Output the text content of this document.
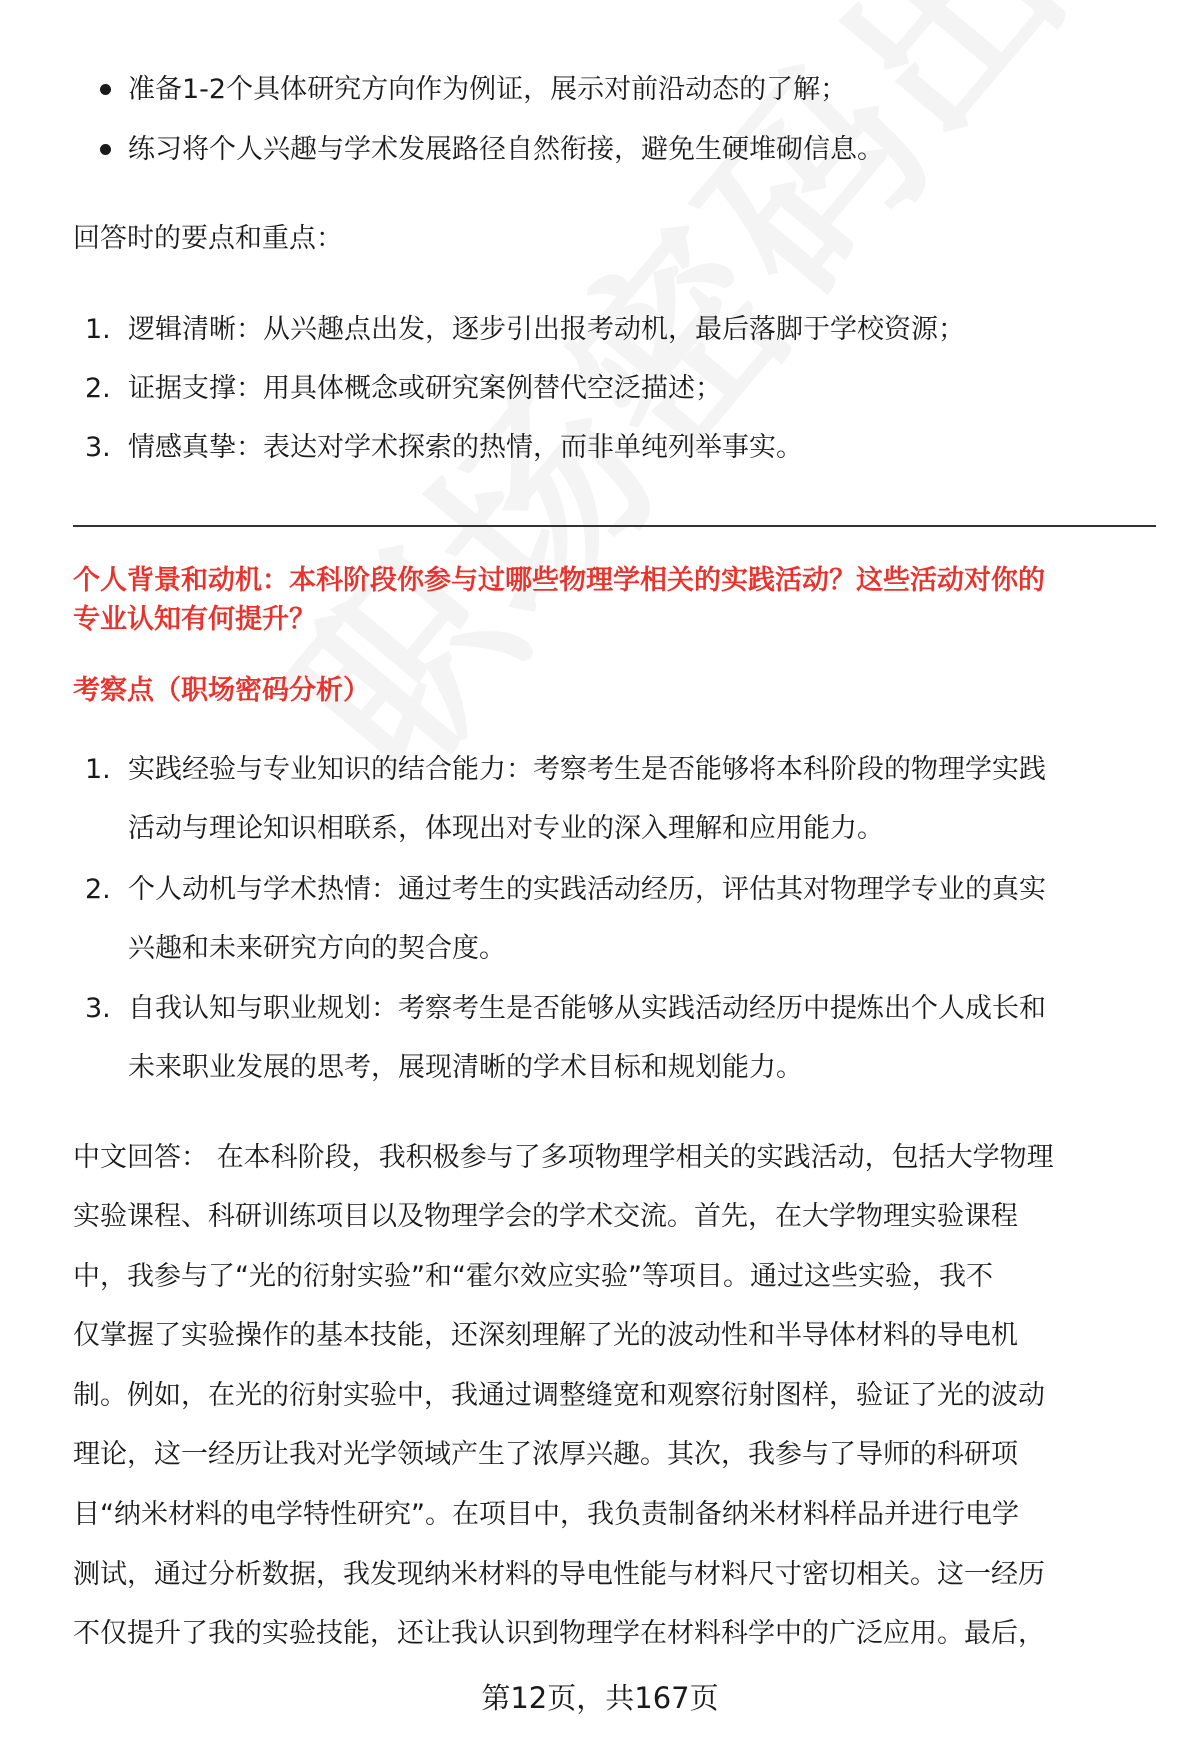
准备1-2个具体研究方向作为例证，展示对前沿动态的了解；
练习将个人兴趣与学术发展路径自然衔接，避免生硬堆砌信息。
回答时的要点和重点：
1. 逻辑清晰：从兴趣点出发，逐步引出报考动机，最后落脚于学校资源；
2. 证据支撑：用具体概念或研究案例替代空泛描述；
3. 情感真挚：表达对学术探索的热情，而非单纯列举事实。
个人背景和动机：本科阶段你参与过哪些物理学相关的实践活动？这些活动对你的
专业认知有何提升？
考察点（职场密码分析）
1. 实践经验与专业知识的结合能力：考察考生是否能够将本科阶段的物理学实践
活动与理论知识相联系，体现出对专业的深入理解和应用能力。
2. 个人动机与学术热情：通过考生的实践活动经历，评估其对物理学专业的真实
兴趣和未来研究方向的契合度。
3. 自我认知与职业规划：考察考生是否能够从实践活动经历中提炼出个人成长和
未来职业发展的思考，展现清晰的学术目标和规划能力。
中文回答： 在本科阶段，我积极参与了多项物理学相关的实践活动，包括大学物理
实验课程、科研训练项目以及物理学会的学术交流。首先，在大学物理实验课程
中，我参与了“光的衍射实验”和“霍尔效应实验”等项目。通过这些实验，我不
仅掌握了实验操作的基本技能，还深刻理解了光的波动性和半导体材料的导电机
制。例如，在光的衍射实验中，我通过调整缝宽和观察衍射图样，验证了光的波动
理论，这一经历让我对光学领域产生了浓厚兴趣。其次，我参与了导师的科研项
目“纳米材料的电学特性研究”。在项目中，我负责制备纳米材料样品并进行电学
测试，通过分析数据，我发现纳米材料的导电性能与材料尺寸密切相关。这一经历
不仅提升了我的实验技能，还让我认识到物理学在材料科学中的广泛应用。最后，
第12页，共167页
